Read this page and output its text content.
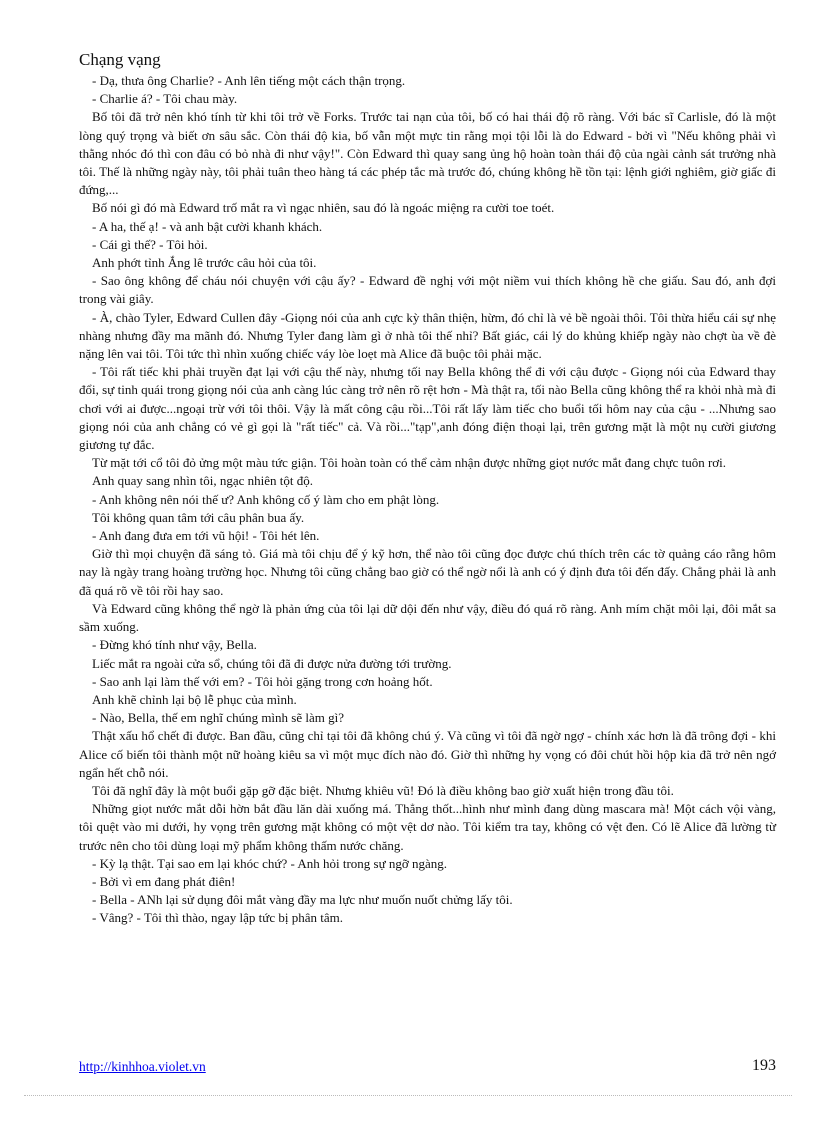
Chạng vạng

- Dạ, thưa ông Charlie? - Anh lên tiếng một cách thận trọng.

- Charlie á? - Tôi chau mày.

Bố tôi đã trở nên khó tính từ khi tôi trở về Forks. Trước tai nạn của tôi, bố có hai thái độ rõ ràng. Với bác sĩ Carlisle, đó là một lòng quý trọng và biết ơn sâu sắc. Còn thái độ kia, bố vẫn một mực tin rằng mọi tội lỗi là do Edward - bởi vì "Nếu không phải vì thằng nhóc đó thì con đâu có bỏ nhà đi như vậy!". Còn Edward thì quay sang ủng hộ hoàn toàn thái độ của ngài cảnh sát trưởng nhà tôi. Thế là những ngày này, tôi phải tuân theo hàng tá các phép tắc mà trước đó, chúng không hề tồn tại: lệnh giới nghiêm, giờ giấc đi đứng,...

Bố nói gì đó mà Edward trố mắt ra vì ngạc nhiên, sau đó là ngoác miệng ra cười toe toét.

- A ha, thế ạ! - và anh bật cười khanh khách.

- Cái gì thế? - Tôi hỏi.

Anh phớt tỉnh Ắng lê trước câu hỏi của tôi.

- Sao ông không để cháu nói chuyện với cậu ấy? - Edward đề nghị với một niềm vui thích không hề che giấu. Sau đó, anh đợi trong vài giây.

- À, chào Tyler, Edward Cullen đây -Giọng nói của anh cực kỳ thân thiện, hừm, đó chỉ là vẻ bề ngoài thôi. Tôi thừa hiểu cái sự nhẹ nhàng nhưng đầy ma mãnh đó. Nhưng Tyler đang làm gì ở nhà tôi thế nhỉ? Bất giác, cái lý do khủng khiếp ngày nào chợt ùa về đè nặng lên vai tôi. Tôi tức thì nhìn xuống chiếc váy lòe loẹt mà Alice đã buộc tôi phải mặc.

- Tôi rất tiếc khi phải truyền đạt lại với cậu thế này, nhưng tối nay Bella không thể đi với cậu được - Giọng nói của Edward thay đổi, sự tinh quái trong giọng nói của anh càng lúc càng trở nên rõ rệt hơn - Mà thật ra, tối nào Bella cũng không thể ra khỏi nhà mà đi chơi với ai được...ngoại trừ với tôi thôi. Vậy là mất công cậu rồi...Tôi rất lấy làm tiếc cho buổi tối hôm nay của cậu - ...Nhưng sao giọng nói của anh chẳng có vẻ gì gọi là "rất tiếc" cả. Và rồi..."tạp",anh đóng điện thoại lại, trên gương mặt là một nụ cười giương giương tự đắc.

Từ mặt tới cổ tôi đỏ ửng một màu tức giận. Tôi hoàn toàn có thể cảm nhận được những giọt nước mắt đang chực tuôn rơi.

Anh quay sang nhìn tôi, ngạc nhiên tột độ.

- Anh không nên nói thế ư? Anh không cố ý làm cho em phật lòng.

Tôi không quan tâm tới câu phân bua ấy.

- Anh đang đưa em tới vũ hội! - Tôi hét lên.

Giờ thì mọi chuyện đã sáng tỏ. Giá mà tôi chịu để ý kỹ hơn, thể nào tôi cũng đọc được chú thích trên các tờ quảng cáo rằng hôm nay là ngày trang hoàng trường học. Nhưng tôi cũng chẳng bao giờ có thể ngờ nổi là anh có ý định đưa tôi đến đấy. Chẳng phải là anh đã quá rõ về tôi rồi hay sao.

Và Edward cũng không thể ngờ là phản ứng của tôi lại dữ dội đến như vậy, điều đó quá rõ ràng. Anh mím chặt môi lại, đôi mắt sa sầm xuống.

- Đừng khó tính như vậy, Bella.

Liếc mắt ra ngoài cửa sổ, chúng tôi đã đi được nửa đường tới trường.

- Sao anh lại làm thế với em? - Tôi hỏi gặng trong cơn hoảng hốt.

Anh khẽ chỉnh lại bộ lễ phục của mình.

- Nào, Bella, thế em nghĩ chúng mình sẽ làm gì?

Thật xấu hổ chết đi được. Ban đầu, cũng chỉ tại tôi đã không chú ý. Và cũng vì tôi đã ngờ ngợ - chính xác hơn là đã trông đợi - khi Alice cố biến tôi thành một nữ hoàng kiêu sa vì một mục đích nào đó. Giờ thì những hy vọng có đôi chút hồi hộp kia đã trở nên ngớ ngẩn hết chỗ nói.

Tôi đã nghĩ đây là một buổi gặp gỡ đặc biệt. Nhưng khiêu vũ! Đó là điều không bao giờ xuất hiện trong đầu tôi.

Những giọt nước mắt dỗi hờn bắt đầu lăn dài xuống má. Thẳng thốt...hình như mình đang dùng mascara mà! Một cách vội vàng, tôi quệt vào mi dưới, hy vọng trên gương mặt không có một vệt dơ nào. Tôi kiểm tra tay, không có vệt đen. Có lẽ Alice đã lường từ trước nên cho tôi dùng loại mỹ phẩm không thấm nước chăng.

- Kỳ lạ thật. Tại sao em lại khóc chứ? - Anh hỏi trong sự ngỡ ngàng.

- Bởi vì em đang phát điên!

- Bella - ANh lại sử dụng đôi mắt vàng đầy ma lực như muốn nuốt chửng lấy tôi.

- Vâng? - Tôi thì thào, ngay lập tức bị phân tâm.

http://kinhhoa.violet.vn	193
